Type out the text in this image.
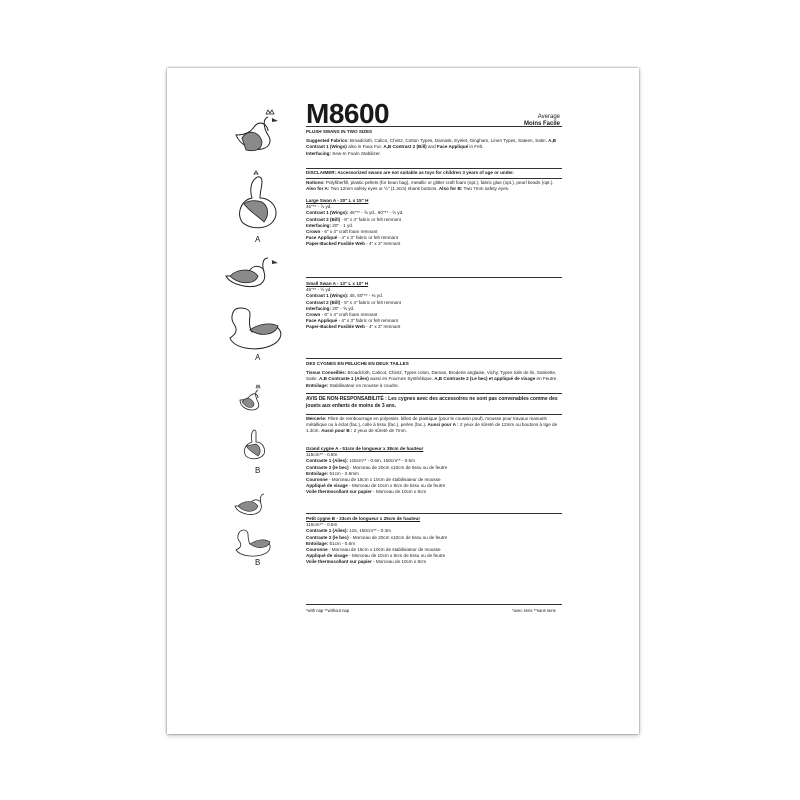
A
A
B
B
M8600	Average
Moins Facile

PLUSH SWANS IN TWO SIZES

Suggested Fabrics: Broadcloth, Calico, Chintz, Cotton Types, Damask, Eyelet, Gingham, Linen Types, Sateen, Satin. A,B Contrast 1 (Wings) also in Faux Fur. A,B Contrast 2 (Bill) and Face Appliqué in Felt.

Interfacing: Sew-In Foam Stabilizer.

DISCLAIMER: Accessorized swans are not suitable as toys for children 3 years of age or under.

Notions: Polyfiberfill, plastic pellets (for bean bag), metallic or glitter craft foam (opt.), fabric glue (opt.), pearl beads (opt.). Also for A: Two 12mm safety eyes or ½" (1.3cm) shank buttons. Also for B: Two 7mm safety eyes.

Large Swan A - 20" L x 15" H

45"** - ⅞ yd.

Contrast 1 (Wings): 45"** - ⅝ yd., 60"** - ½ yd.

Contrast 2 (Bill) - 8" x 4" fabric or felt remnant

Interfacing: 20" - 1 yd.

Crown - 6" x 4" craft foam remnant

Face Appliqué - 4" x 3" fabric or felt remnant

Paper-Backed Fusible Web - 4" x 3" remnant

Small Swan A - 13" L x 10" H

45"** - ½ yd.

Contrast 1 (Wings): 45, 60"** - ⅜ yd.

Contrast 2 (Bill) - 8" x 4" fabric or felt remnant

Interfacing: 20" - ⅝ yd.

Crown - 6" x 4" craft foam remnant

Face Appliqué - 4" x 3" fabric or felt remnant

Paper-Backed Fusible Web - 4" x 3" remnant

DES CYGNES EN PELUCHE EN DEUX TAILLES

Tissus Conseillés: Broadcloth, Calicot, Chintz, Types coton, Damas, Broderie anglaise, Vichy, Types toile de lin, Satinette, Satin. A,B Contraste 1 (Ailes) aussi en Fourrure Synthétique. A,B Contraste 2 (Le bec) et appliqué de visage en Feutre. Entoilage: Stabilisateur en mousse à coudre.

AVIS DE NON-RESPONSABILITÉ : Les cygnes avec des accessoires ne sont pas convenables comme des jouets aux enfants de moins de 3 ans.

Mercerie: Fibre de rembourrage en polyester, billes de plastique (pour le coussin pouf), mousse pour travaux manuels métallique ou à éclat (fac.), colle à tissu (fac.), perles (fac.). Aussi pour A : 2 yeux de sûreté de 12mm ou boutons à tige de 1.3cm. Aussi pour B : 2 yeux de sûreté de 7mm.

Grand cygne A - 51cm de longueur x 38cm de hauteur

115cm** - 0.8m

Contraste 1 (Ailes): 115cm** - 0.6m, 150cm** - 0.5m

Contraste 2 (le bec) - Morceau de 20cm x10cm de tissu ou de feutre

Entoilage: 51cm - 0.9mm

Couronne - Morceau de 15cm x 10cm de stabilisateur de mousse

Appliqué de visage - Morceau de 10cm x 8cm de tissu ou de feutre

Voile thermocollant sur papier - Morceau de 10cm x 8cm

Petit cygne B - 33cm de longueur x 25cm de hauteur

115cm** - 0.5m

Contraste 1 (Ailes): 115, 150cm** - 0.3m

Contraste 2 (le bec) - Morceau de 20cm x10cm de tissu ou de feutre

Entoilage: 51cm - 0.6m

Couronne - Morceau de 15cm x 10cm de stabilisateur de mousse

Appliqué de visage - Morceau de 10cm x 8cm de tissu ou de feutre

Voile thermocollant sur papier - Morceau de 10cm x 8cm

*with nap **without nap	*avec sens **sans sens
